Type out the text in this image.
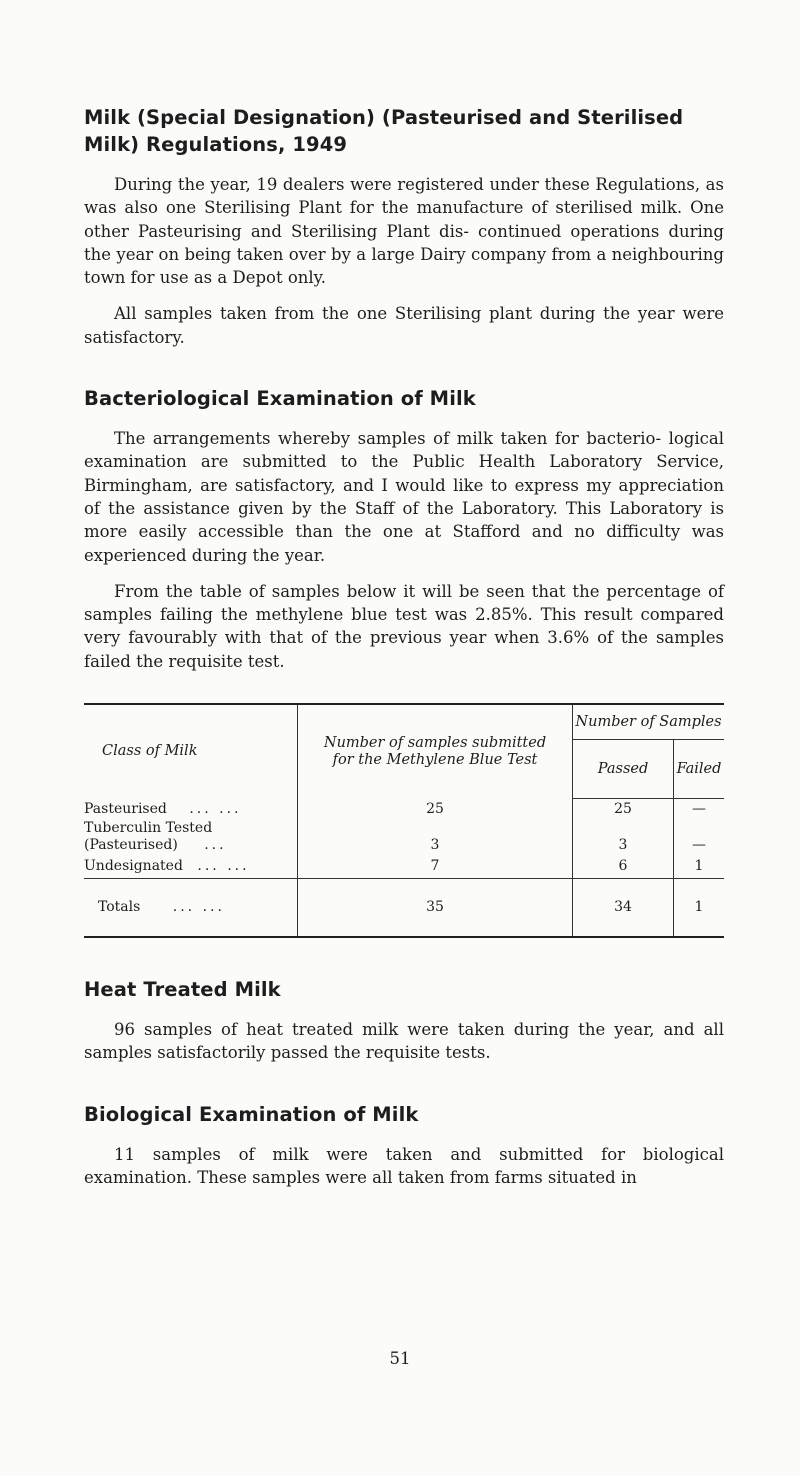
Milk (Special Designation) (Pasteurised and Sterilised Milk) Regulations, 1949

During the year, 19 dealers were registered under these Regulations, as was also one Sterilising Plant for the manufacture of sterilised milk. One other Pasteurising and Sterilising Plant dis- continued operations during the year on being taken over by a large Dairy company from a neighbouring town for use as a Depot only.

All samples taken from the one Sterilising plant during the year were satisfactory.

Bacteriological Examination of Milk

The arrangements whereby samples of milk taken for bacterio- logical examination are submitted to the Public Health Laboratory Service, Birmingham, are satisfactory, and I would like to express my appreciation of the assistance given by the Staff of the Laboratory. This Laboratory is more easily accessible than the one at Stafford and no difficulty was experienced during the year.

From the table of samples below it will be seen that the percentage of samples failing the methylene blue test was 2.85%. This result compared very favourably with that of the previous year when 3.6% of the samples failed the requisite test.

Class of Milk	Number of samples submitted for the Methylene Blue Test	Number of Samples	
		Passed	Failed
Pasteurised ... ...	25	25	—

Tuberculin Tested
(Pasteurised) ...	3	3	—
Undesignated ... ...	7	6	1
Totals ... ...	35	34	1
Heat Treated Milk

96 samples of heat treated milk were taken during the year, and all samples satisfactorily passed the requisite tests.

Biological Examination of Milk

11 samples of milk were taken and submitted for biological examination. These samples were all taken from farms situated in

51
